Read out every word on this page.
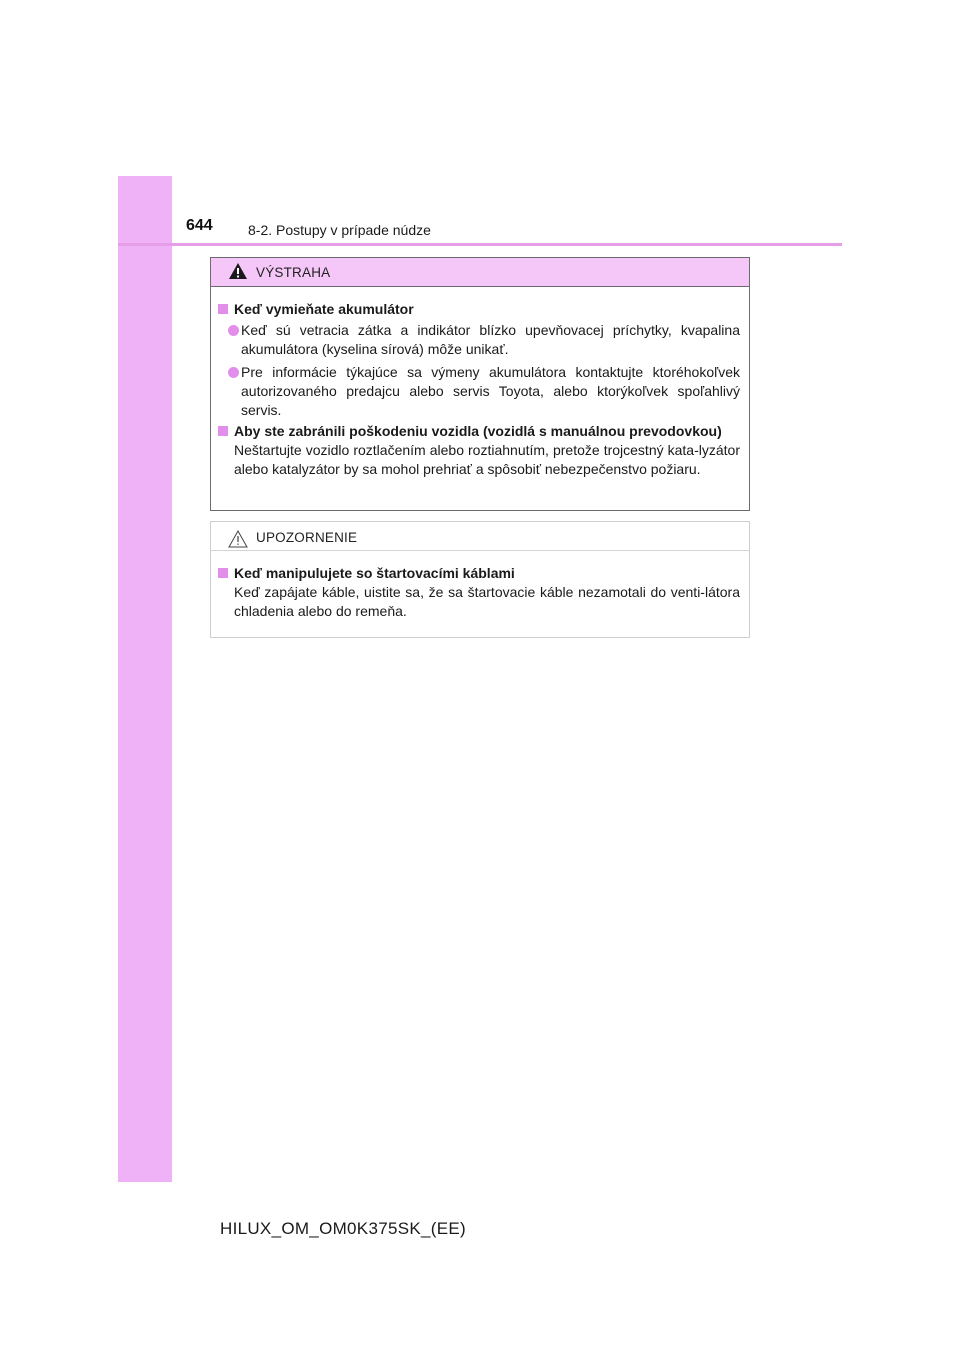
644	8-2. Postupy v prípade núdze
VÝSTRAHA
Keď vymieňate akumulátor
Keď sú vetracia zátka a indikátor blízko upevňovacej príchytky, kvapalina akumulátora (kyselina sírová) môže unikať.
Pre informácie týkajúce sa výmeny akumulátora kontaktujte ktoréhokoľvek autorizovaného predajcu alebo servis Toyota, alebo ktorýkoľvek spoľahlivý servis.
Aby ste zabránili poškodeniu vozidla (vozidlá s manuálnou prevodovkou)
Neštartujte vozidlo roztlačením alebo roztiahnutím, pretože trojcestný kata-lyzátor alebo katalyzátor by sa mohol prehriať a spôsobiť nebezpečenstvo požiaru.
UPOZORNENIE
Keď manipulujete so štartovacími káblami
Keď zapájate káble, uistite sa, že sa štartovacie káble nezamotali do venti-látora chladenia alebo do remeňa.
HILUX_OM_OM0K375SK_(EE)
